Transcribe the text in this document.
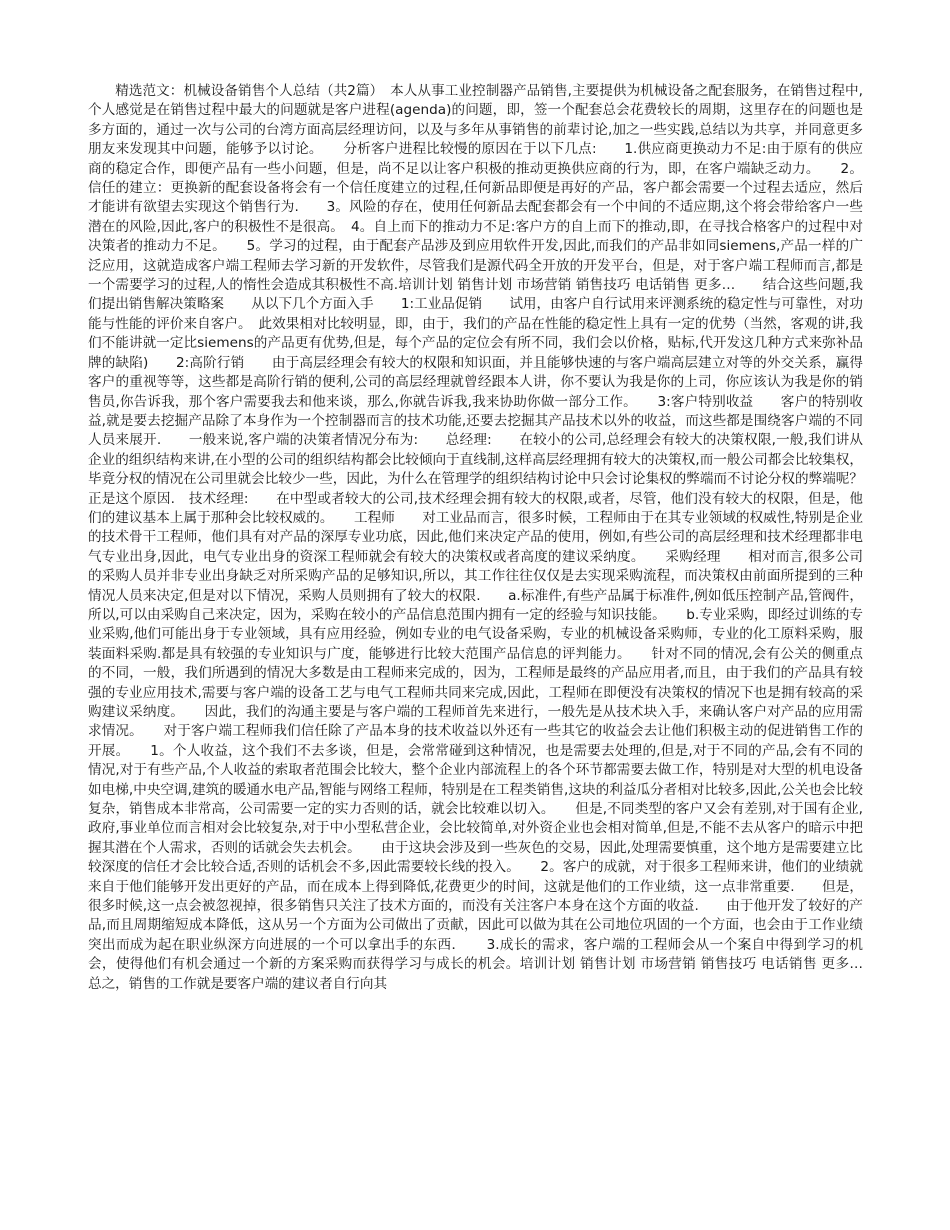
精选范文：机械设备销售个人总结（共2篇）　本人从事工业控制器产品销售,主要提供为机械设备之配套服务，在销售过程中,个人感觉是在销售过程中最大的问题就是客户进程(agenda)的问题，即，签一个配套总会花费较长的周期，这里存在的问题也是多方面的，通过一次与公司的台湾方面高层经理访问，以及与多年从事销售的前辈讨论,加之一些实践,总结以为共享，并同意更多朋友来发现其中问题，能够予以讨论。　　分析客户进程比较慢的原因在于以下几点:　　1.供应商更换动力不足:由于原有的供应商的稳定合作，即便产品有一些小问题，但是，尚不足以让客户积极的推动更换供应商的行为，即，在客户端缺乏动力。　　2。信任的建立：更换新的配套设备将会有一个信任度建立的过程,任何新品即便是再好的产品，客户都会需要一个过程去适应，然后才能讲有欲望去实现这个销售行为.　　3。风险的存在，使用任何新品去配套都会有一个中间的不适应期,这个将会带给客户一些潜在的风险,因此,客户的积极性不是很高。　4。自上而下的推动力不足:客户方的自上而下的推动,即，在寻找合格客户的过程中对决策者的推动力不足。　　5。学习的过程，由于配套产品涉及到应用软件开发,因此,而我们的产品非如同siemens,产品一样的广泛应用，这就造成客户端工程师去学习新的开发软件，尽管我们是源代码全开放的开发平台，但是，对于客户端工程师而言,都是一个需要学习的过程,人的惰性会造成其积极性不高.培训计划 销售计划 市场营销 销售技巧 电话销售 更多…　　结合这些问题,我们提出销售解决策略案　　从以下几个方面入手　　1:工业品促销　　试用，由客户自行试用来评测系统的稳定性与可靠性，对功能与性能的评价来自客户。　此效果相对比较明显，即，由于，我们的产品在性能的稳定性上具有一定的优势（当然，客观的讲,我们不能讲就一定比siemens的产品更有优势,但是，每个产品的定位会有所不同，我们会以价格，贴标,代开发这几种方式来弥补品牌的缺陷)　　2:高阶行销　　由于高层经理会有较大的权限和知识面，并且能够快速的与客户端高层建立对等的外交关系，赢得客户的重视等等，这些都是高阶行销的便利,公司的高层经理就曾经跟本人讲，你不要认为我是你的上司，你应该认为我是你的销售员,你告诉我，那个客户需要我去和他来谈，那么,你就告诉我,我来协助你做一部分工作。　　3:客户特别收益　　客户的特别收益,就是要去挖掘产品除了本身作为一个控制器而言的技术功能,还要去挖掘其产品技术以外的收益，而这些都是围绕客户端的不同人员来展开.　　一般来说,客户端的决策者情况分布为:　　总经理:　　在较小的公司,总经理会有较大的决策权限,一般,我们讲从企业的组织结构来讲,在小型的公司的组织结构都会比较倾向于直线制,这样高层经理拥有较大的决策权,而一般公司都会比较集权，毕竟分权的情况在公司里就会比较少一些，因此，为什么在管理学的组织结构讨论中只会讨论集权的弊端而不讨论分权的弊端呢？正是这个原因.　技术经理:　　在中型或者较大的公司,技术经理会拥有较大的权限,或者，尽管，他们没有较大的权限，但是，他们的建议基本上属于那种会比较权威的。　　工程师　　对工业品而言，很多时候，工程师由于在其专业领域的权威性,特别是企业的技术骨干工程师，他们具有对产品的深厚专业功底，因此,他们来决定产品的使用，例如,有些公司的高层经理和技术经理都非电气专业出身,因此，电气专业出身的资深工程师就会有较大的决策权或者高度的建议采纳度。　　采购经理　　相对而言,很多公司的采购人员并非专业出身缺乏对所采购产品的足够知识,所以，其工作往往仅仅是去实现采购流程，而决策权由前面所提到的三种情况人员来决定,但是对以下情况，采购人员则拥有了较大的权限.　　a.标准件,有些产品属于标准件,例如低压控制产品,管阀件，所以,可以由采购自己来决定，因为，采购在较小的产品信息范围内拥有一定的经验与知识技能。　　b.专业采购，即经过训练的专业采购,他们可能出身于专业领域，具有应用经验，例如专业的电气设备采购，专业的机械设备采购师，专业的化工原料采购，服装面料采购.都是具有较强的专业知识与广度，能够进行比较大范围产品信息的评判能力。　　针对不同的情况,会有公关的侧重点的不同，一般，我们所遇到的情况大多数是由工程师来完成的，因为，工程师是最终的产品应用者,而且，由于我们的产品具有较强的专业应用技术,需要与客户端的设备工艺与电气工程师共同来完成,因此，工程师在即便没有决策权的情况下也是拥有较高的采购建议采纳度。　　因此，我们的沟通主要是与客户端的工程师首先来进行，一般先是从技术块入手，来确认客户对产品的应用需求情况。　　对于客户端工程师我们信任除了产品本身的技术收益以外还有一些其它的收益会去让他们积极主动的促进销售工作的开展。　　1。个人收益，这个我们不去多谈，但是，会常常碰到这种情况，也是需要去处理的,但是,对于不同的产品,会有不同的情况,对于有些产品,个人收益的索取者范围会比较大，整个企业内部流程上的各个环节都需要去做工作，特别是对大型的机电设备如电梯,中央空调,建筑的暖通水电产品,智能与网络工程师，特别是在工程类销售,这块的利益瓜分者相对比较多,因此,公关也会比较复杂，销售成本非常高，公司需要一定的实力否则的话，就会比较难以切入。　　但是,不同类型的客户又会有差别,对于国有企业,政府,事业单位而言相对会比较复杂,对于中小型私营企业，会比较简单,对外资企业也会相对简单,但是,不能不去从客户的暗示中把握其潜在个人需求，否则的话就会失去机会。　　由于这块会涉及到一些灰色的交易，因此,处理需要慎重，这个地方是需要建立比较深度的信任才会比较合适,否则的话机会不多,因此需要较长线的投入。　　2。客户的成就，对于很多工程师来讲，他们的业绩就来自于他们能够开发出更好的产品，而在成本上得到降低,花费更少的时间，这就是他们的工作业绩，这一点非常重要.　　但是，很多时候,这一点会被忽视掉，很多销售只关注了技术方面的，而没有关注客户本身在这个方面的收益.　　由于他开发了较好的产品,而且周期缩短成本降低，这从另一个方面为公司做出了贡献，因此可以做为其在公司地位巩固的一个方面，也会由于工作业绩突出而成为起在职业纵深方向进展的一个可以拿出手的东西．　　3.成长的需求，客户端的工程师会从一个案自中得到学习的机会，使得他们有机会通过一个新的方案采购而获得学习与成长的机会。培训计划 销售计划 市场营销 销售技巧 电话销售 更多…　　总之，销售的工作就是要客户端的建议者自行向其
